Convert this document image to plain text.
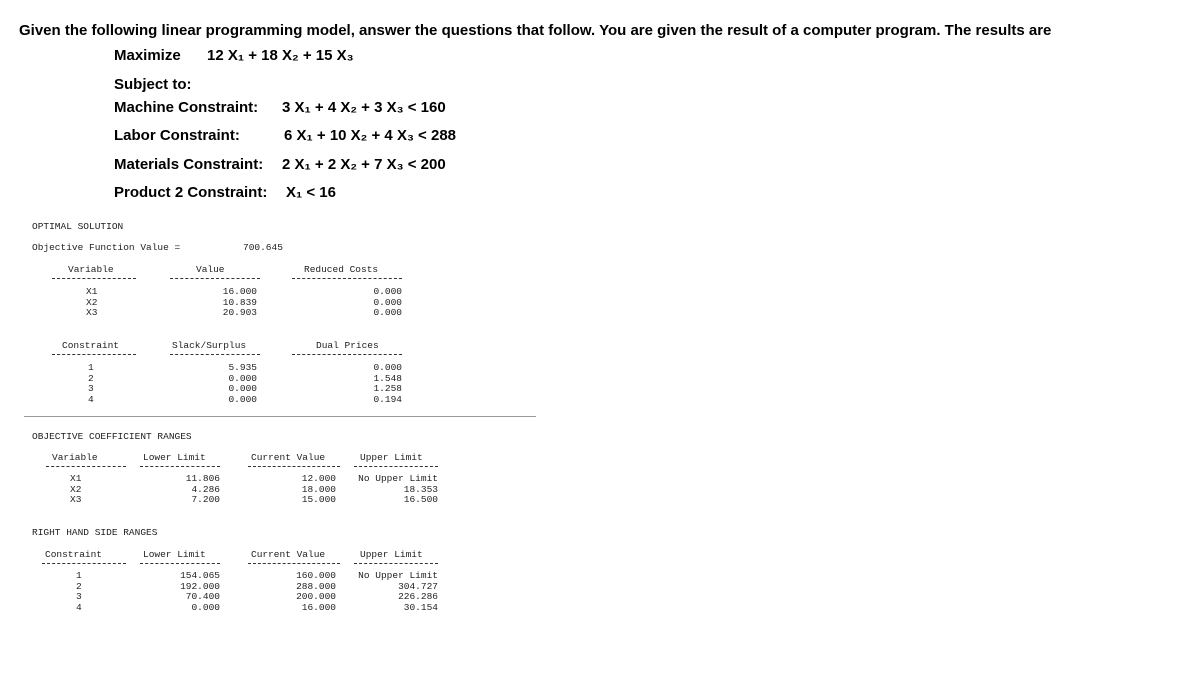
Given the following linear programming model, answer the questions that follow. You are given the result of a computer program. The results are
Maximize 12 X₁ + 18 X₂ + 15 X₃
Subject to:
Machine Constraint: 3 X₁ + 4 X₂ + 3 X₃ < 160
Labor Constraint:	6 X₁ + 10 X₂ + 4 X₃ < 288
Materials Constraint: 2 X₁ + 2 X₂ + 7 X₃ < 200
Product 2 Constraint: X₁ < 16
OPTIMAL SOLUTION
Objective Function Value =	700.645
Variable	Value	Reduced Costs
X1	16.000	0.000
X2	10.839	0.000
X3	20.903	0.000
Constraint	Slack/Surplus	Dual Prices
1	5.935	0.000
2	0.000	1.548
3	0.000	1.258
4	0.000	0.194
OBJECTIVE COEFFICIENT RANGES
Variable	Lower Limit	Current Value	Upper Limit
X1	11.806	12.000	No Upper Limit
X2	4.286	18.000	18.353
X3	7.200	15.000	16.500
RIGHT HAND SIDE RANGES
Constraint	Lower Limit	Current Value	Upper Limit
1	154.065	160.000	No Upper Limit
2	192.000	288.000	304.727
3	70.400	200.000	226.286
4	0.000	16.000	30.154
